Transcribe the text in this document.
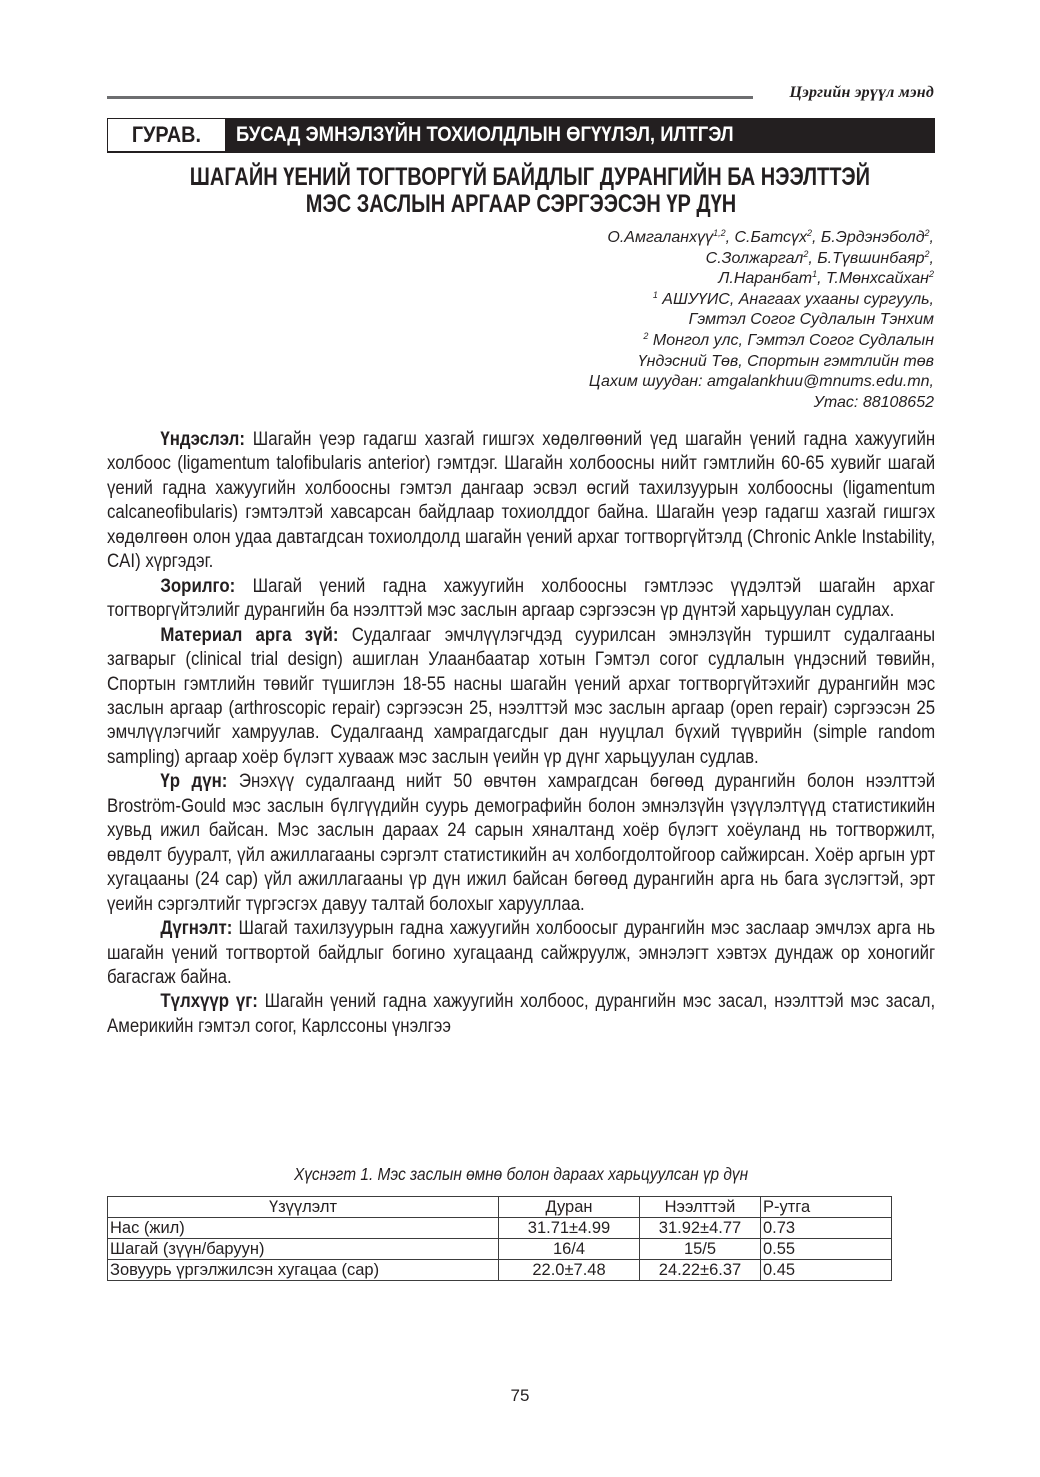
Цэргийн эрүүл мэнд
ГУРАВ.	БУСАД ЭМНЭЛЗҮЙН ТОХИОЛДЛЫН ӨГҮҮЛЭЛ, ИЛТГЭЛ
ШАГАЙН ҮЕНИЙ ТОГТВОРГҮЙ БАЙДЛЫГ ДУРАНГИЙН БА НЭЭЛТТЭЙ
МЭС ЗАСЛЫН АРГААР СЭРГЭЭСЭН ҮР ДҮН
О.Амгаланхүү$^{1,2}$, С.Батсүх$^2$, Б.Эрдэнэболд$^2$,
С.Золжаргал$^2$, Б.Түвшинбаяр$^2$,
Л.Наранбат$^1$, Т.Мөнхсайхан$^2$
$^1$ АШУҮИС, Анагаах ухааны сургууль,
Гэмтэл Согог Судлалын Тэнхим
$^2$ Монгол улс, Гэмтэл Согог Судлалын
Үндэсний Төв, Спортын гэмтлийн төв
Цахим шуудан: amgalankhuu@mnums.edu.mn,
Утас: 88108652

Үндэслэл: Шагайн үеэр гадагш хазгай гишгэх хөдөлгөөний үед шагайн үений гадна хажуугийн холбоос (ligamentum talofibularis anterior) гэмтдэг. Шагайн холбоосны нийт гэмтлийн 60-65 хувийг шагай үений гадна хажуугийн холбоосны гэмтэл дангаар эсвэл өсгий тахилзуурын холбоосны (ligamentum calcaneofibularis) гэмтэлтэй хавсарсан байдлаар тохиолддог байна. Шагайн үеэр гадагш хазгай гишгэх хөдөлгөөн олон удаа давтагдсан тохиолдолд шагайн үений архаг тогтворгүйтэлд (Chronic Ankle Instability, CAI) хүргэдэг.

Зорилго: Шагай үений гадна хажуугийн холбоосны гэмтлээс үүдэлтэй шагайн архаг тогтворгүйтэлийг дурангийн ба нээлттэй мэс заслын аргаар сэргээсэн үр дүнтэй харьцуулан судлах.

Материал арга зүй: Судалгааг эмчлүүлэгчдэд суурилсан эмнэлзүйн туршилт судалгааны загварыг (clinical trial design) ашиглан Улаанбаатар хотын Гэмтэл согог судлалын үндэсний төвийн, Спортын гэмтлийн төвийг түшиглэн 18-55 насны шагайн үений архаг тогтворгүйтэхийг дурангийн мэс заслын аргаар (arthroscopic repair) сэргээсэн 25, нээлттэй мэс заслын аргаар (open repair) сэргээсэн 25 эмчлүүлэгчийг хамруулав. Судалгаанд хамрагдагсдыг дан нууцлал бүхий түүврийн (simple random sampling) аргаар хоёр бүлэгт хувааж мэс заслын үеийн үр дүнг харьцуулан судлав.

Үр дүн: Энэхүү судалгаанд нийт 50 өвчтөн хамрагдсан бөгөөд дурангийн болон нээлттэй Broström-Gould мэс заслын бүлгүүдийн суурь демографийн болон эмнэлзүйн үзүүлэлтүүд статистикийн хувьд ижил байсан. Мэс заслын дараах 24 сарын хяналтанд хоёр бүлэгт хоёуланд нь тогтворжилт, өвдөлт бууралт, үйл ажиллагааны сэргэлт статистикийн ач холбогдолтойгоор сайжирсан. Хоёр аргын урт хугацааны (24 сар) үйл ажиллагааны үр дүн ижил байсан бөгөөд дурангийн арга нь бага зүслэгтэй, эрт үеийн сэргэлтийг түргэсгэх давуу талтай болохыг харууллаа.

Дүгнэлт: Шагай тахилзуурын гадна хажуугийн холбоосыг дурангийн мэс заслаар эмчлэх арга нь шагайн үений тогтвортой байдлыг богино хугацаанд сайжруулж, эмнэлэгт хэвтэх дундаж ор хоногийг багасгаж байна.

Түлхүүр үг: Шагайн үений гадна хажуугийн холбоос, дурангийн мэс засал, нээлттэй мэс засал, Америкийн гэмтэл согог, Карлссоны үнэлгээ

Хүснэгт 1. Мэс заслын өмнө болон дараах харьцуулсан үр дүн
Үзүүлэлт	Дуран	Нээлттэй	P-утга
Нас (жил)	31.71±4.99	31.92±4.77	0.73
Шагай (зүүн/баруун)	16/4	15/5	0.55
Зовуурь үргэлжилсэн хугацаа (сар)	22.0±7.48	24.22±6.37	0.45
75
